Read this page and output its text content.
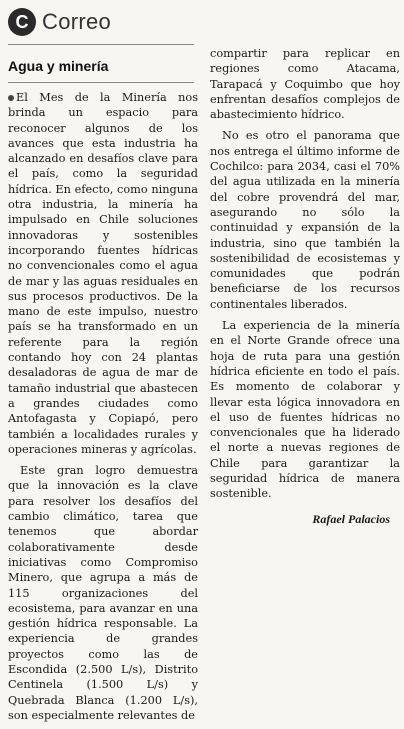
C Correo
Agua y minería

El Mes de la Minería nos brinda un espacio para reconocer algunos de los avances que esta industria ha alcanzado en desafíos clave para el país, como la seguridad hídrica. En efecto, como ninguna otra industria, la minería ha impulsado en Chile soluciones innovadoras y sostenibles incorporando fuentes hídricas no convencionales como el agua de mar y las aguas residuales en sus procesos productivos. De la mano de este impulso, nuestro país se ha transformado en un referente para la región contando hoy con 24 plantas desaladoras de agua de mar de tamaño industrial que abastecen a grandes ciudades como Antofagasta y Copiapó, pero también a localidades rurales y operaciones mineras y agrícolas.

Este gran logro demuestra que la innovación es la clave para resolver los desafíos del cambio climático, tarea que tenemos que abordar colaborativamente desde iniciativas como Compromiso Minero, que agrupa a más de 115 organizaciones del ecosistema, para avanzar en una gestión hídrica responsable. La experiencia de grandes proyectos como las de Escondida (2.500 L/s), Distrito Centinela (1.500 L/s) y Quebrada Blanca (1.200 L/s), son especialmente relevantes de

compartir para replicar en regiones como Atacama, Tarapacá y Coquimbo que hoy enfrentan desafíos complejos de abastecimiento hídrico.

No es otro el panorama que nos entrega el último informe de Cochilco: para 2034, casi el 70% del agua utilizada en la minería del cobre provendrá del mar, asegurando no sólo la continuidad y expansión de la industria, sino que también la sostenibilidad de ecosistemas y comunidades que podrán beneficiarse de los recursos continentales liberados.

La experiencia de la minería en el Norte Grande ofrece una hoja de ruta para una gestión hídrica eficiente en todo el país. Es momento de colaborar y llevar esta lógica innovadora en el uso de fuentes hídricas no convencionales que ha liderado el norte a nuevas regiones de Chile para garantizar la seguridad hídrica de manera sostenible.

Rafael Palacios
